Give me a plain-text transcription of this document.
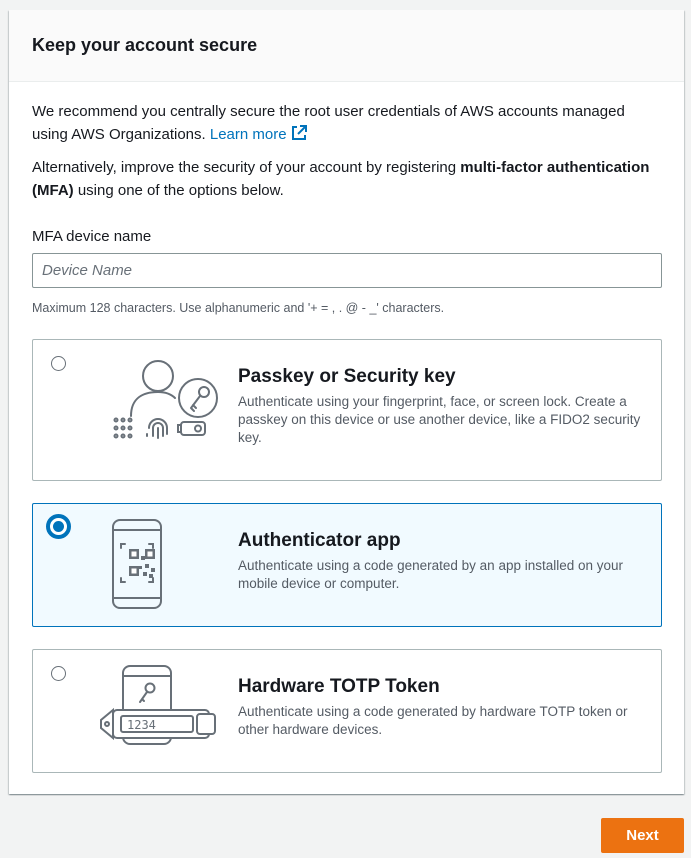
Keep your account secure

We recommend you centrally secure the root user credentials of AWS accounts managed using AWS Organizations. Learn more

Alternatively, improve the security of your account by registering multi-factor authentication (MFA) using one of the options below.

MFA device name
Device Name
Maximum 128 characters. Use alphanumeric and '+ = , . @ - _' characters.
Passkey or Security key
Authenticate using your fingerprint, face, or screen lock. Create a passkey on this device or use another device, like a FIDO2 security key.
Authenticator app
Authenticate using a code generated by an app installed on your mobile device or computer.
1234
Hardware TOTP Token
Authenticate using a code generated by hardware TOTP token or other hardware devices.
Next
